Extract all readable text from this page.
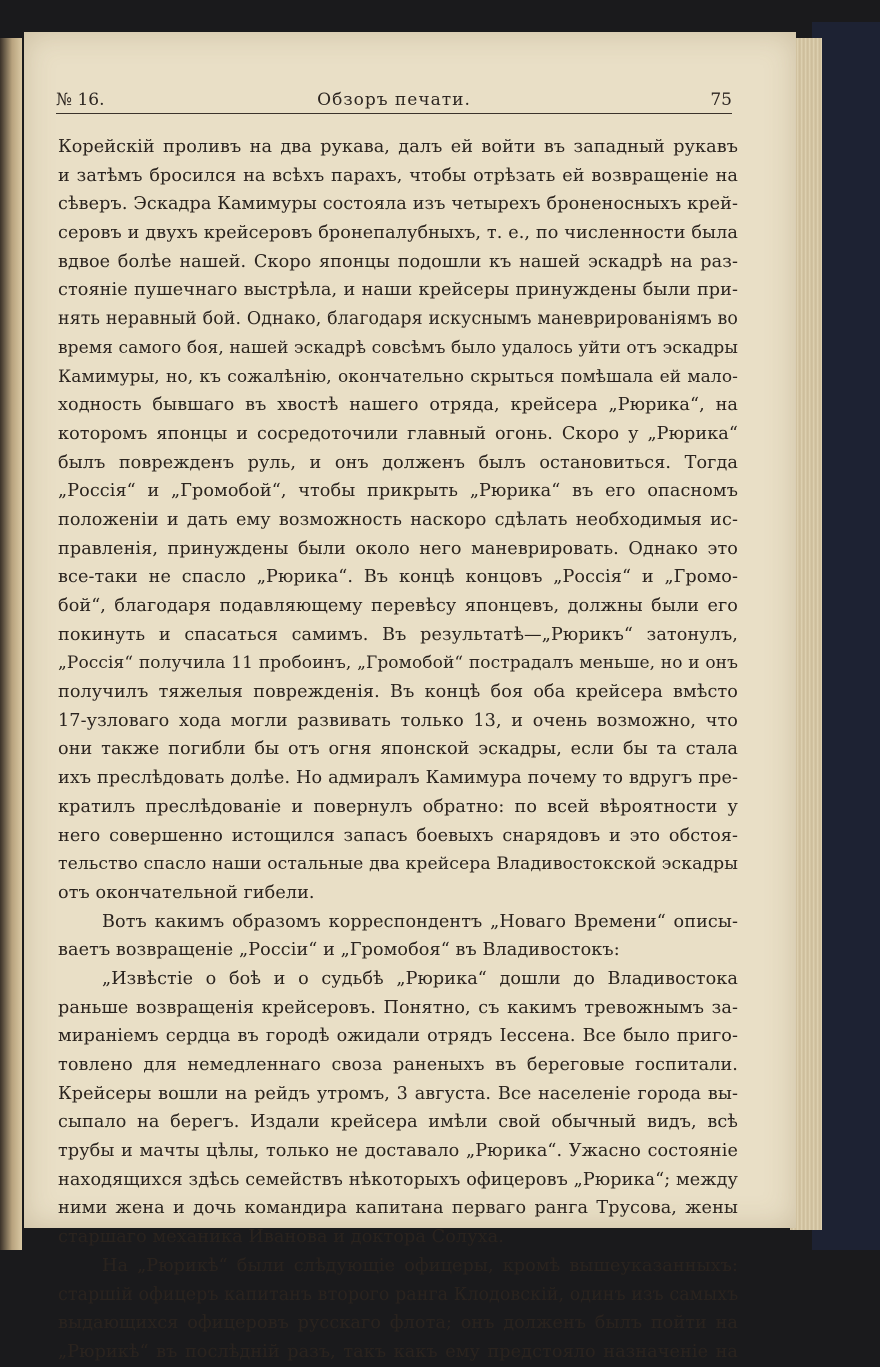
№ 16.	Обзоръ печати.	75
Корейскій проливъ на два рукава, далъ ей войти въ западный рукавъ
и затѣмъ бросился на всѣхъ парахъ, чтобы отрѣзать ей возвращеніе на
сѣверъ. Эскадра Камимуры состояла изъ четырехъ броненосныхъ крей-
серовъ и двухъ крейсеровъ бронепалубныхъ, т. е., по численности была
вдвое болѣе нашей. Скоро японцы подошли къ нашей эскадрѣ на раз-
стояніе пушечнаго выстрѣла, и наши крейсеры принуждены были при-
нять неравный бой. Однако, благодаря искуснымъ маневрированіямъ во
время самого боя, нашей эскадрѣ совсѣмъ было удалось уйти отъ эскадры
Камимуры, но, къ сожалѣнію, окончательно скрыться помѣшала ей мало-
ходность бывшаго въ хвостѣ нашего отряда, крейсера „Рюрика“, на
которомъ японцы и сосредоточили главный огонь. Скоро у „Рюрика“
былъ поврежденъ руль, и онъ долженъ былъ остановиться. Тогда
„Россія“ и „Громобой“, чтобы прикрыть „Рюрика“ въ его опасномъ
положеніи и дать ему возможность наскоро сдѣлать необходимыя ис-
правленія, принуждены были около него маневрировать. Однако это
все-таки не спасло „Рюрика“. Въ концѣ концовъ „Россія“ и „Громо-
бой“, благодаря подавляющему перевѣсу японцевъ, должны были его
покинуть и спасаться самимъ. Въ результатѣ—„Рюрикъ“ затонулъ,
„Россія“ получила 11 пробоинъ, „Громобой“ пострадалъ меньше, но и онъ
получилъ тяжелыя поврежденія. Въ концѣ боя оба крейсера вмѣсто
17-узловаго хода могли развивать только 13, и очень возможно, что
они также погибли бы отъ огня японской эскадры, если бы та стала
ихъ преслѣдовать долѣе. Но адмиралъ Камимура почему то вдругъ пре-
кратилъ преслѣдованіе и повернулъ обратно: по всей вѣроятности у
него совершенно истощился запасъ боевыхъ снарядовъ и это обстоя-
тельство спасло наши остальные два крейсера Владивостокской эскадры
отъ окончательной гибели.
Вотъ какимъ образомъ корреспондентъ „Новаго Времени“ описы-
ваетъ возвращеніе „Россіи“ и „Громобоя“ въ Владивостокъ:
„Извѣстіе о боѣ и о судьбѣ „Рюрика“ дошли до Владивостока
раньше возвращенія крейсеровъ. Понятно, съ какимъ тревожнымъ за-
миранiемъ сердца въ городѣ ожидали отрядъ Іессена. Все было приго-
товлено для немедленнаго своза раненыхъ въ береговые госпитали.
Крейсеры вошли на рейдъ утромъ, 3 августа. Все населеніе города вы-
сыпало на берегъ. Издали крейсера имѣли свой обычный видъ, всѣ
трубы и мачты цѣлы, только не доставало „Рюрика“. Ужасно состояніе
находящихся здѣсь семействъ нѣкоторыхъ офицеровъ „Рюрика“; между
ними жена и дочь командира капитана перваго ранга Трусова, жены
старшаго механика Иванова и доктора Солуха.
На „Рюрикѣ“ были слѣдующіе офицеры, кромѣ вышеуказанныхъ:
старшій офицеръ капитанъ второго ранга Клодовскій, одинъ изъ самыхъ
выдающихся офицеровъ русскаго флота; онъ долженъ былъ пойти на
„Рюрикѣ“ въ послѣдній разъ, такъ какъ ему предстояло назначеніе на
